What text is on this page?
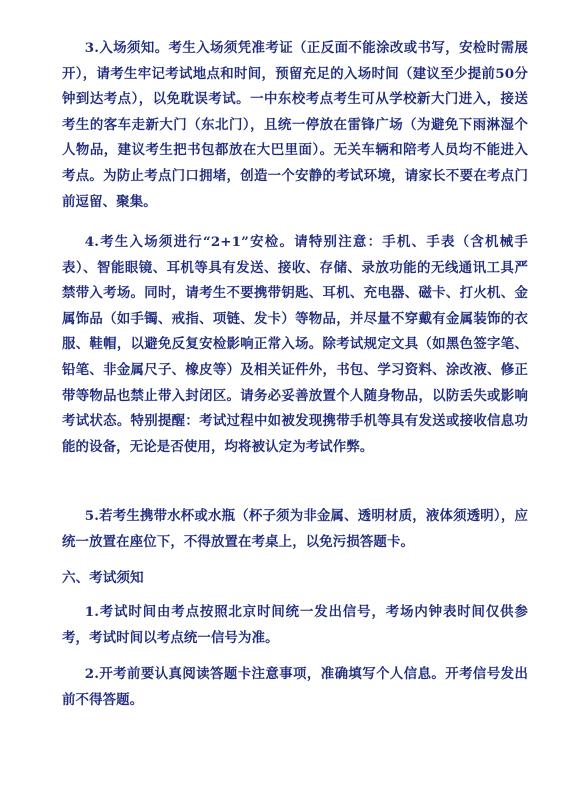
3.入场须知。考生入场须凭准考证（正反面不能涂改或书写，安检时需展开），请考生牢记考试地点和时间，预留充足的入场时间（建议至少提前50分钟到达考点），以免耽误考试。一中东校考点考生可从学校新大门进入，接送考生的客车走新大门（东北门），且统一停放在雷锋广场（为避免下雨淋湿个人物品，建议考生把书包都放在大巴里面）。无关车辆和陪考人员均不能进入考点。为防止考点门口拥堵，创造一个安静的考试环境，请家长不要在考点门前逗留、聚集。

4.考生入场须进行“2+1”安检。请特别注意：手机、手表（含机械手表）、智能眼镜、耳机等具有发送、接收、存储、录放功能的无线通讯工具严禁带入考场。同时，请考生不要携带钥匙、耳机、充电器、磁卡、打火机、金属饰品（如手镯、戒指、项链、发卡）等物品，并尽量不穿戴有金属装饰的衣服、鞋帽，以避免反复安检影响正常入场。除考试规定文具（如黑色签字笔、铅笔、非金属尺子、橡皮等）及相关证件外，书包、学习资料、涂改液、修正带等物品也禁止带入封闭区。请务必妥善放置个人随身物品，以防丢失或影响考试状态。特别提醒：考试过程中如被发现携带手机等具有发送或接收信息功能的设备，无论是否使用，均将被认定为考试作弊。

5.若考生携带水杯或水瓶（杯子须为非金属、透明材质，液体须透明），应统一放置在座位下，不得放置在考桌上，以免污损答题卡。

六、考试须知

1.考试时间由考点按照北京时间统一发出信号，考场内钟表时间仅供参考，考试时间以考点统一信号为准。

2.开考前要认真阅读答题卡注意事项，准确填写个人信息。开考信号发出前不得答题。
